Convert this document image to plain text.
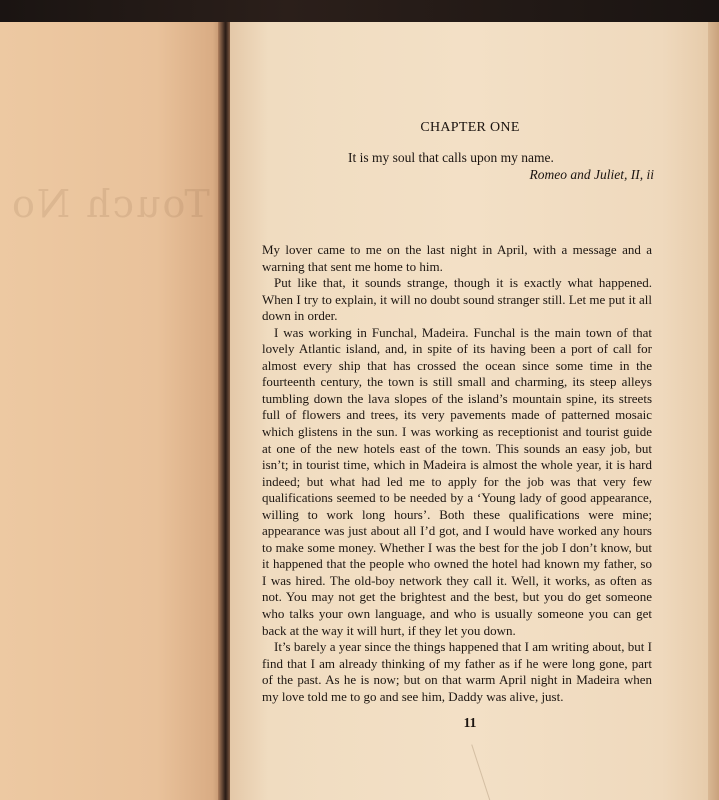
Touch No
CHAPTER ONE
It is my soul that calls upon my name.
Romeo and Juliet, II, ii

My lover came to me on the last night in April, with a message and a warning that sent me home to him.

Put like that, it sounds strange, though it is exactly what happened. When I try to explain, it will no doubt sound stranger still. Let me put it all down in order.

I was working in Funchal, Madeira. Funchal is the main town of that lovely Atlantic island, and, in spite of its having been a port of call for almost every ship that has crossed the ocean since some time in the fourteenth century, the town is still small and charming, its steep alleys tumbling down the lava slopes of the island’s mountain spine, its streets full of flowers and trees, its very pavements made of patterned mosaic which glistens in the sun. I was working as receptionist and tourist guide at one of the new hotels east of the town. This sounds an easy job, but isn’t; in tourist time, which in Madeira is almost the whole year, it is hard indeed; but what had led me to apply for the job was that very few qualifications seemed to be needed by a ‘Young lady of good appearance, willing to work long hours’. Both these qualifications were mine; appearance was just about all I’d got, and I would have worked any hours to make some money. Whether I was the best for the job I don’t know, but it happened that the people who owned the hotel had known my father, so I was hired. The old-boy network they call it. Well, it works, as often as not. You may not get the brightest and the best, but you do get someone who talks your own language, and who is usually someone you can get back at the way it will hurt, if they let you down.

It’s barely a year since the things happened that I am writing about, but I find that I am already thinking of my father as if he were long gone, part of the past. As he is now; but on that warm April night in Madeira when my love told me to go and see him, Daddy was alive, just.

11
